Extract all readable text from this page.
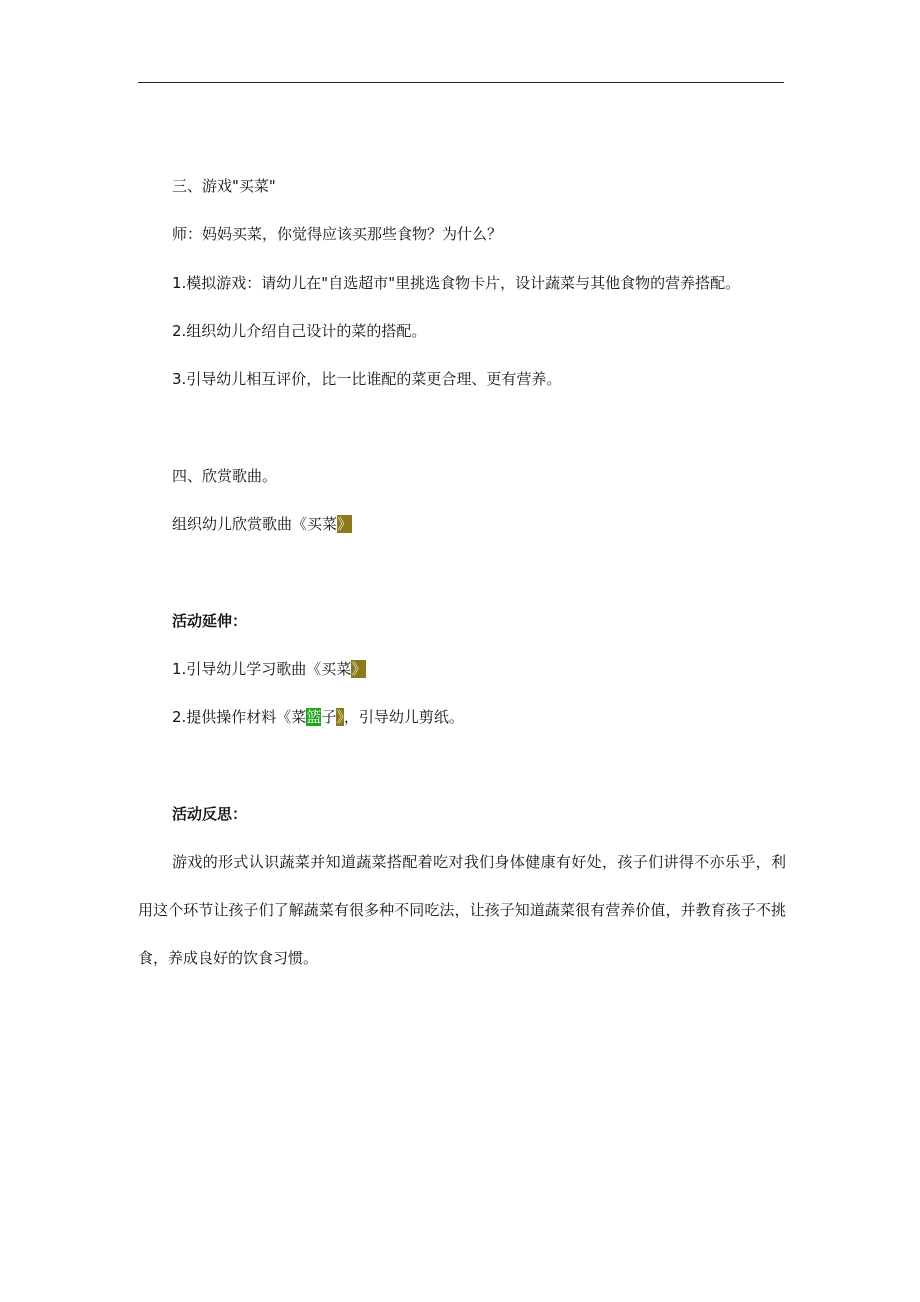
三、游戏"买菜"
师：妈妈买菜，你觉得应该买那些食物？为什么？
1.模拟游戏：请幼儿在"自选超市"里挑选食物卡片，设计蔬菜与其他食物的营养搭配。
2.组织幼儿介绍自己设计的菜的搭配。
3.引导幼儿相互评价，比一比谁配的菜更合理、更有营养。
四、欣赏歌曲。
组织幼儿欣赏歌曲《买菜》
活动延伸：
1.引导幼儿学习歌曲《买菜》
2.提供操作材料《菜篮子》，引导幼儿剪纸。
活动反思：

游戏的形式认识蔬菜并知道蔬菜搭配着吃对我们身体健康有好处，孩子们讲得不亦乐乎，利用这个环节让孩子们了解蔬菜有很多种不同吃法，让孩子知道蔬菜很有营养价值，并教育孩子不挑食，养成良好的饮食习惯。
